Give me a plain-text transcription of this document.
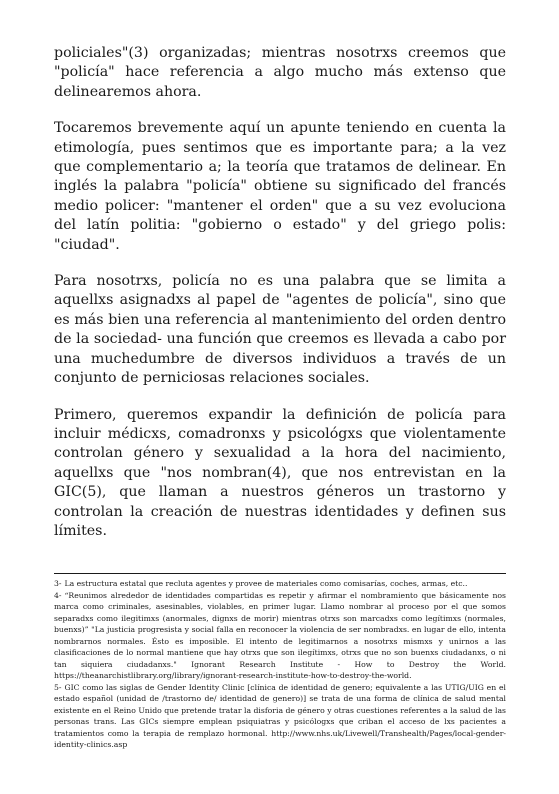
policiales"(3) organizadas; mientras nosotrxs creemos que "policía" hace referencia a algo mucho más extenso que delinearemos ahora.

Tocaremos brevemente aquí un apunte teniendo en cuenta la etimología, pues sentimos que es importante para; a la vez que complementario a; la teoría que tratamos de delinear. En inglés la palabra "policía" obtiene su significado del francés medio policer: "mantener el orden" que a su vez evoluciona del latín politia: "gobierno o estado" y del griego polis: "ciudad".

Para nosotrxs, policía no es una palabra que se limita a aquellxs asignadxs al papel de "agentes de policía", sino que es más bien una referencia al mantenimiento del orden dentro de la sociedad- una función que creemos es llevada a cabo por una muchedumbre de diversos individuos a través de un conjunto de perniciosas relaciones sociales.

Primero, queremos expandir la definición de policía para incluir médicxs, comadronxs y psicológxs que violentamente controlan género y sexualidad a la hora del nacimiento, aquellxs que "nos nombran(4), que nos entrevistan en la GIC(5), que llaman a nuestros géneros un trastorno y controlan la creación de nuestras identidades y definen sus límites.

3- La estructura estatal que recluta agentes y provee de materiales como comisarías, coches, armas, etc..

4- “Reunimos alrededor de identidades compartidas es repetir y afirmar el nombramiento que básicamente nos marca como criminales, asesinables, violables, en primer lugar. Llamo nombrar al proceso por el que somos separadxs como ilegitimxs (anormales, dignxs de morir) mientras otrxs son marcadxs como legítimxs (normales, buenxs)” "La justicia progresista y social falla en reconocer la violencia de ser nombradxs. en lugar de ello, intenta nombrarnos normales. Ésto es imposible. El intento de legitimarnos a nosotrxs mismxs y unirnos a las clasificaciones de lo normal mantiene que hay otrxs que son ilegítimxs, otrxs que no son buenxs ciudadanxs, o ni tan siquiera ciudadanxs." Ignorant Research Institute - How to Destroy the World. https://theanarchistlibrary.org/library/ignorant-research-institute-how-to-destroy-the-world.

5- GIC como las siglas de Gender Identity Clinic [clínica de identidad de genero; equivalente a las UTIG/UIG en el estado español (unidad de /trastorno de/ identidad de genero)] se trata de una forma de clínica de salud mental existente en el Reino Unido que pretende tratar la disforia de género y otras cuestiones referentes a la salud de las personas trans. Las GICs siempre emplean psiquiatras y psicólogxs que criban el acceso de lxs pacientes a tratamientos como la terapia de remplazo hormonal. http://www.nhs.uk/Livewell/Transhealth/Pages/local-gender-identity-clinics.asp
